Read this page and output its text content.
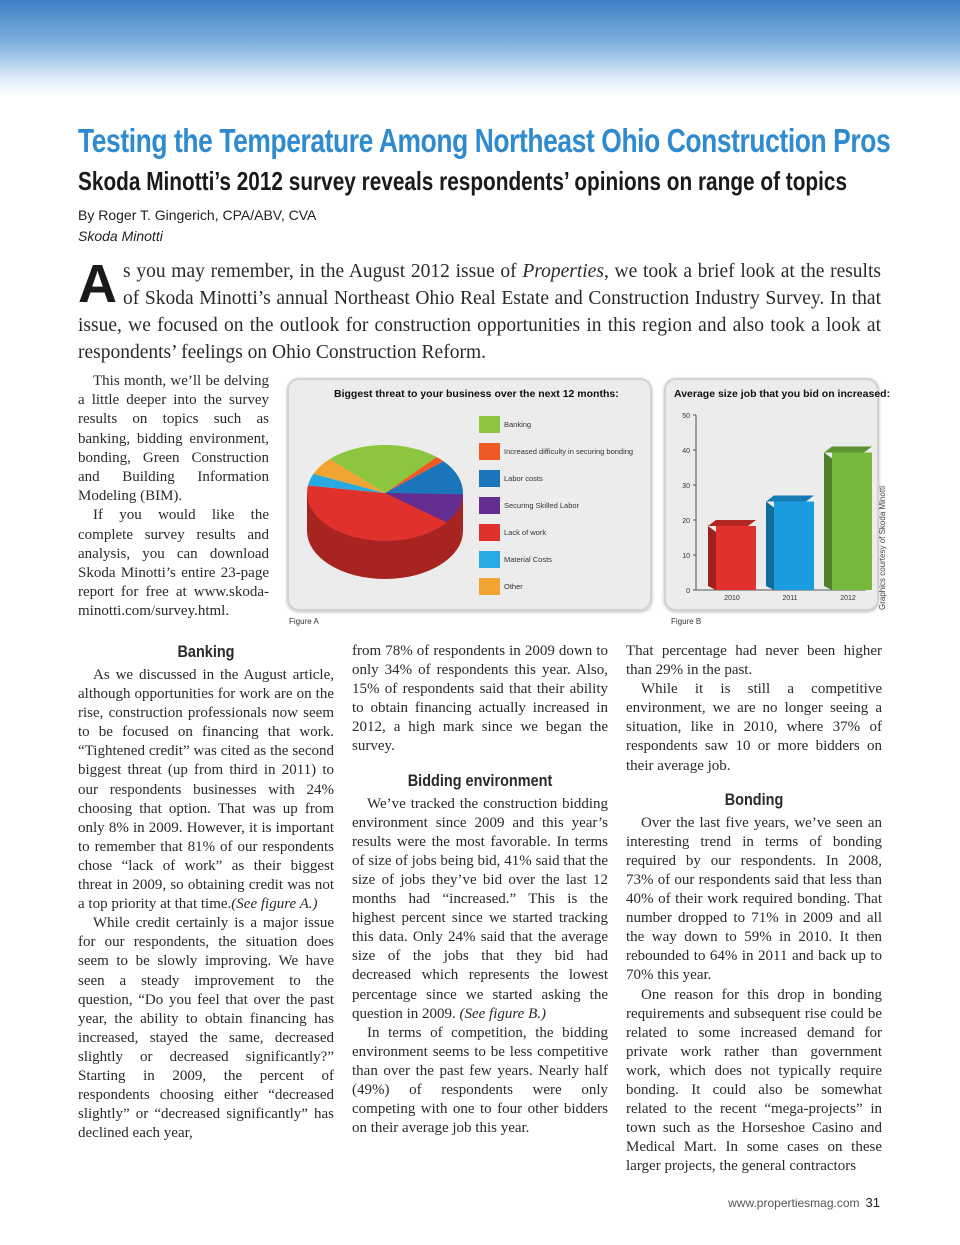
Testing the Temperature Among Northeast Ohio Construction Pros
Skoda Minotti’s 2012 survey reveals respondents’ opinions on range of topics
By Roger T. Gingerich, CPA/ABV, CVA
Skoda Minotti
As you may remember, in the August 2012 issue of Properties, we took a brief look at the results of Skoda Minotti’s annual Northeast Ohio Real Estate and Construction Industry Survey. In that issue, we focused on the outlook for construction opportunities in this region and also took a look at respondents’ feelings on Ohio Construction Reform.

This month, we’ll be delving a little deeper into the survey results on topics such as banking, bidding environment, bonding, Green Construction and Building Information Modeling (BIM).

If you would like the complete survey results and analysis, you can download Skoda Minotti’s entire 23-page report for free at www.skoda-minotti.com/survey.html.

Biggest threat to your business over the next 12 months:
Banking
Increased difficulty in securing bonding
Labor costs
Securing Skilled Labor
Lack of work
Material Costs
Other
Figure A
Average size job that you bid on increased:
0
10
20
30
40
50
2010	2011	2012
Figure B
Graphics courtesy of Skoda Minotti
Banking

As we discussed in the August article, although opportunities for work are on the rise, construction professionals now seem to be focused on financing that work. “Tightened credit” was cited as the second biggest threat (up from third in 2011) to our respondents businesses with 24% choosing that option. That was up from only 8% in 2009. However, it is important to remember that 81% of our respondents chose “lack of work” as their biggest threat in 2009, so obtaining credit was not a top priority at that time.(See figure A.)

While credit certainly is a major issue for our respondents, the situation does seem to be slowly improving. We have seen a steady improvement to the question, “Do you feel that over the past year, the ability to obtain financing has increased, stayed the same, decreased slightly or decreased significantly?” Starting in 2009, the percent of respondents choosing either “decreased slightly” or “decreased significantly” has declined each year,

from 78% of respondents in 2009 down to only 34% of respondents this year. Also, 15% of respondents said that their ability to obtain financing actually increased in 2012, a high mark since we began the survey.

Bidding environment

We’ve tracked the construction bidding environment since 2009 and this year’s results were the most favorable. In terms of size of jobs being bid, 41% said that the size of jobs they’ve bid over the last 12 months had “increased.” This is the highest percent since we started tracking this data. Only 24% said that the average size of the jobs that they bid had decreased which represents the lowest percentage since we started asking the question in 2009. (See figure B.)

In terms of competition, the bidding environment seems to be less competitive than over the past few years. Nearly half (49%) of respondents were only competing with one to four other bidders on their average job this year.

That percentage had never been higher than 29% in the past.

While it is still a competitive environment, we are no longer seeing a situation, like in 2010, where 37% of respondents saw 10 or more bidders on their average job.

Bonding

Over the last five years, we’ve seen an interesting trend in terms of bonding required by our respondents. In 2008, 73% of our respondents said that less than 40% of their work required bonding. That number dropped to 71% in 2009 and all the way down to 59% in 2010. It then rebounded to 64% in 2011 and back up to 70% this year.

One reason for this drop in bonding requirements and subsequent rise could be related to some increased demand for private work rather than government work, which does not typically require bonding. It could also be somewhat related to the recent “mega-projects” in town such as the Horseshoe Casino and Medical Mart. In some cases on these larger projects, the general contractors

www.propertiesmag.com 31
